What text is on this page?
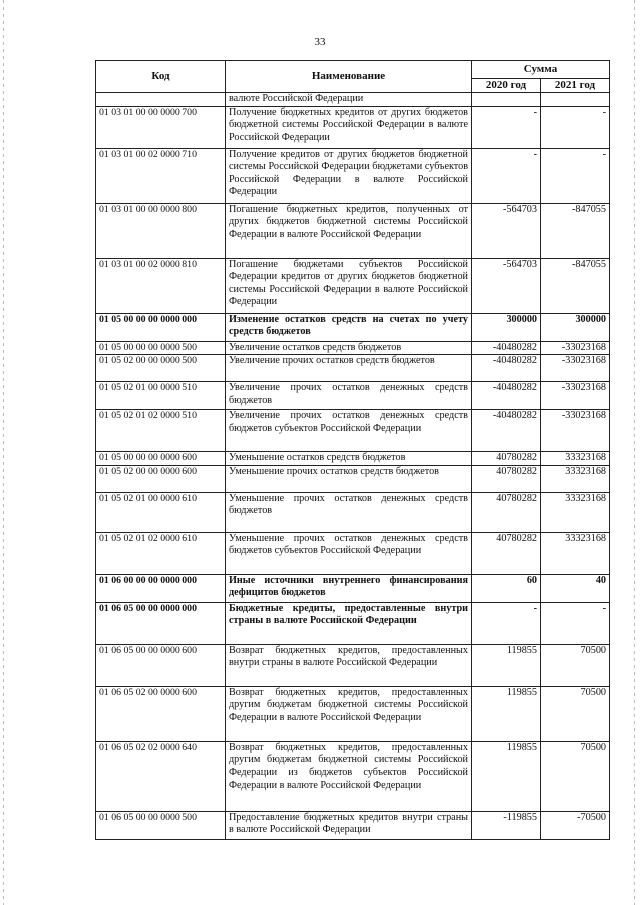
33
Код	Наименование	Сумма	
		2020 год	2021 год
	валюте Российской Федерации		
01 03 01 00 00 0000 700	Получение бюджетных кредитов от других бюджетов бюджетной системы Российской Федерации в валюте Российской Федерации	-	-
01 03 01 00 02 0000 710	Получение кредитов от других бюджетов бюджетной системы Российской Федерации бюджетами субъектов Российской Федерации в валюте Российской Федерации	-	-
01 03 01 00 00 0000 800	Погашение бюджетных кредитов, полученных от других бюджетов бюджетной системы Российской Федерации в валюте Российской Федерации	-564703	-847055
01 03 01 00 02 0000 810	Погашение бюджетами субъектов Российской Федерации кредитов от других бюджетов бюджетной системы Российской Федерации в валюте Российской Федерации	-564703	-847055
01 05 00 00 00 0000 000	Изменение остатков средств на счетах по учету средств бюджетов	300000	300000
01 05 00 00 00 0000 500	Увеличение остатков средств бюджетов	-40480282	-33023168
01 05 02 00 00 0000 500	Увеличение прочих остатков средств бюджетов	-40480282	-33023168
01 05 02 01 00 0000 510	Увеличение прочих остатков денежных средств бюджетов	-40480282	-33023168
01 05 02 01 02 0000 510	Увеличение прочих остатков денежных средств бюджетов субъектов Российской Федерации	-40480282	-33023168
01 05 00 00 00 0000 600	Уменьшение остатков средств бюджетов	40780282	33323168
01 05 02 00 00 0000 600	Уменьшение прочих остатков средств бюджетов	40780282	33323168
01 05 02 01 00 0000 610	Уменьшение прочих остатков денежных средств бюджетов	40780282	33323168
01 05 02 01 02 0000 610	Уменьшение прочих остатков денежных средств бюджетов субъектов Российской Федерации	40780282	33323168
01 06 00 00 00 0000 000	Иные источники внутреннего финансирования дефицитов бюджетов	60	40
01 06 05 00 00 0000 000	Бюджетные кредиты, предоставленные внутри страны в валюте Российской Федерации	-	-
01 06 05 00 00 0000 600	Возврат бюджетных кредитов, предоставленных внутри страны в валюте Российской Федерации	119855	70500
01 06 05 02 00 0000 600	Возврат бюджетных кредитов, предоставленных другим бюджетам бюджетной системы Российской Федерации в валюте Российской Федерации	119855	70500
01 06 05 02 02 0000 640	Возврат бюджетных кредитов, предоставленных другим бюджетам бюджетной системы Российской Федерации из бюджетов субъектов Российской Федерации в валюте Российской Федерации	119855	70500
01 06 05 00 00 0000 500	Предоставление бюджетных кредитов внутри страны в валюте Российской Федерации	-119855	-70500
